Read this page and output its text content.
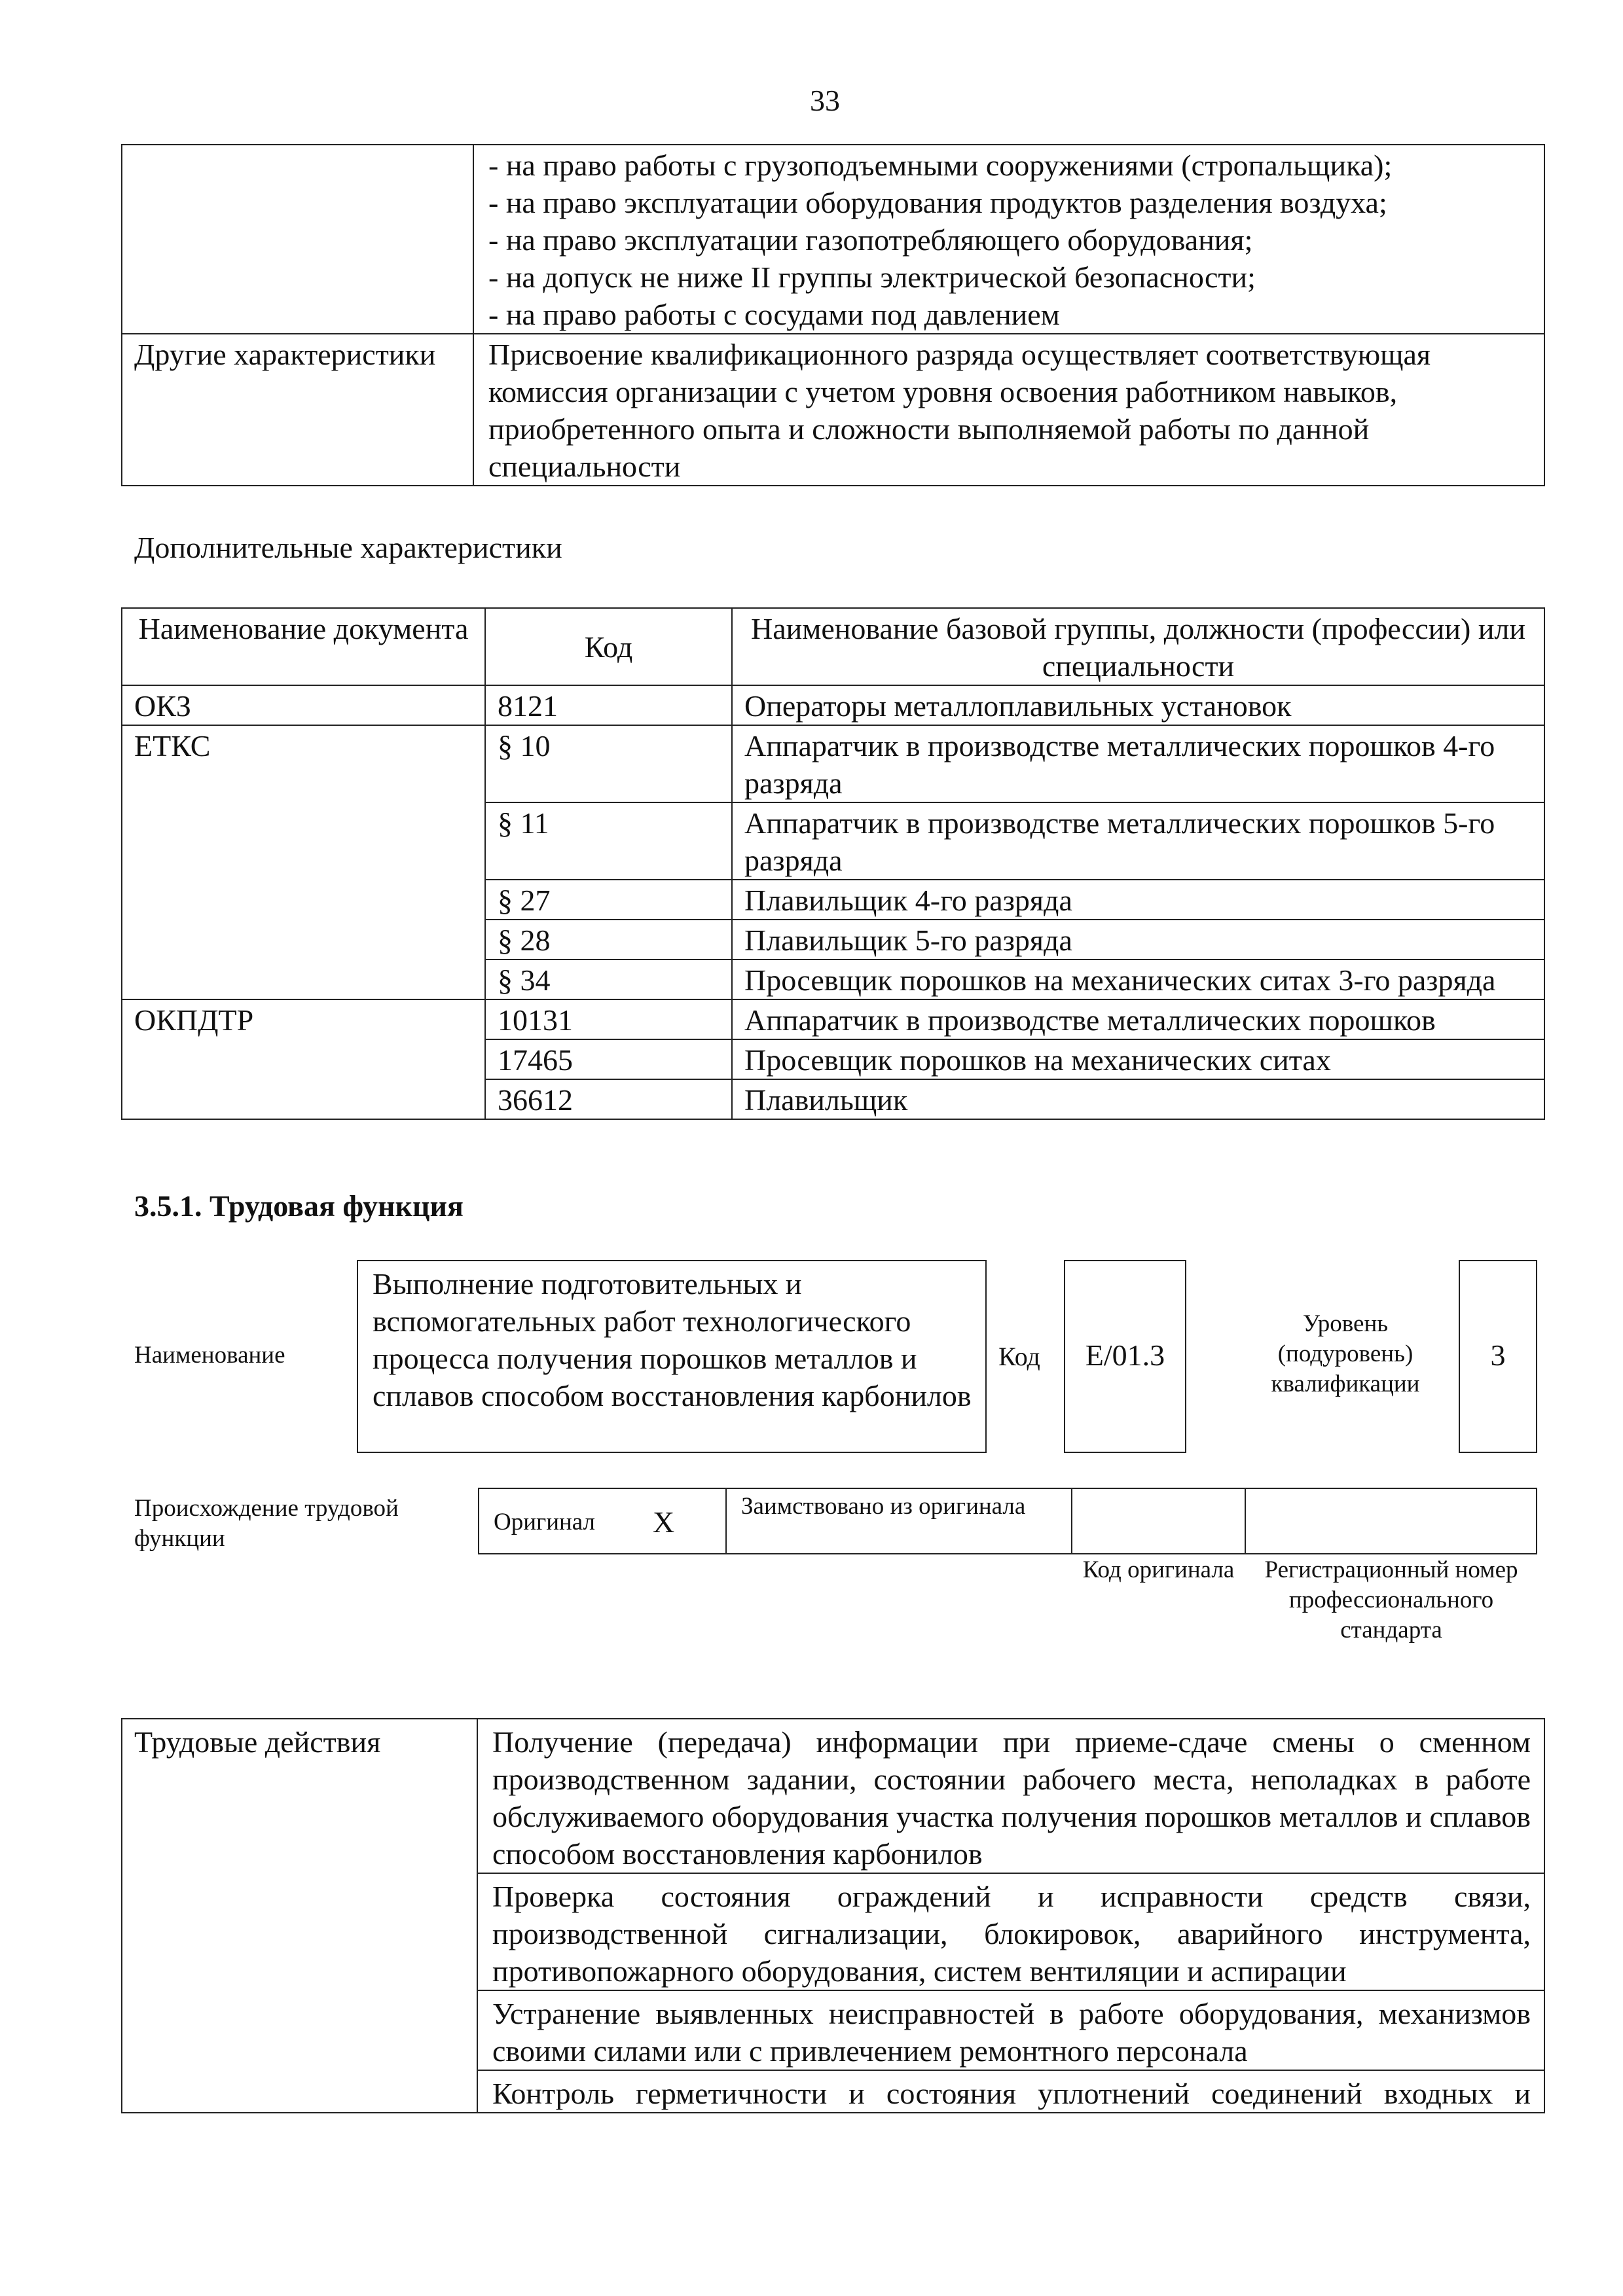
33

	- на право работы с грузоподъемными сооружениями (стропальщика);
- на право эксплуатации оборудования продуктов разделения воздуха;
- на право эксплуатации газопотребляющего оборудования;
- на допуск не ниже II группы электрической безопасности;
- на право работы с сосудами под давлением

Другие характеристики	Присвоение квалификационного разряда осуществляет соответствующая комиссия организации с учетом уровня освоения работником навыков, приобретенного опыта и сложности выполняемой работы по данной специальности
Дополнительные характеристики
Наименование документа	Код	Наименование базовой группы, должности (профессии) или специальности
ОКЗ	8121	Операторы металлоплавильных установок
ЕТКС	§ 10	Аппаратчик в производстве металлических порошков 4-го разряда
	§ 11	Аппаратчик в производстве металлических порошков 5-го разряда
	§ 27	Плавильщик 4-го разряда
	§ 28	Плавильщик 5-го разряда
	§ 34	Просевщик порошков на механических ситах 3-го разряда
ОКПДТР	10131	Аппаратчик в производстве металлических порошков
	17465	Просевщик порошков на механических ситах
	36612	Плавильщик
3.5.1. Трудовая функция
Наименование
Выполнение подготовительных и вспомогательных работ технологического процесса получения порошков металлов и сплавов способом восстановления карбонилов
Код	E/01.3
Уровень (подуровень) квалификации
3
Происхождение трудовой функции
Оригинал X	Заимствовано из оригинала
Код оригинала	Регистрационный номер профессионального стандарта
Трудовые действия	Получение (передача) информации при приеме-сдаче смены о сменном производственном задании, состоянии рабочего места, неполадках в работе обслуживаемого оборудования участка получения порошков металлов и сплавов способом восстановления карбонилов
Проверка состояния ограждений и исправности средств связи, производственной сигнализации, блокировок, аварийного инструмента, противопожарного оборудования, систем вентиляции и аспирации
Устранение выявленных неисправностей в работе оборудования, механизмов своими силами или с привлечением ремонтного персонала
Контроль герметичности и состояния уплотнений соединений входных и
